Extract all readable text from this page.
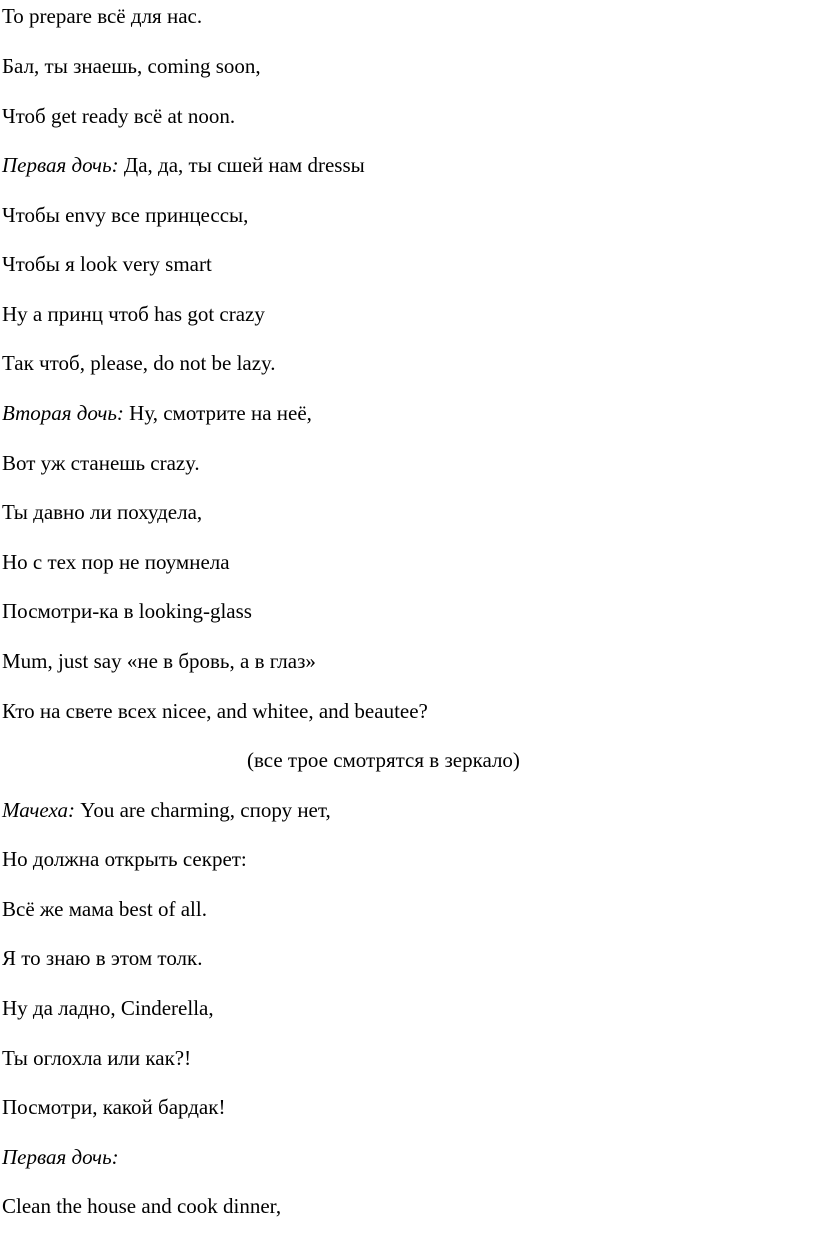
То prepare всё для нас.
Бал, ты знаешь, coming soon,
Чтоб get ready всё at noon.
Первая дочь: Да, да, ты сшей нам dressы
Чтобы envy все принцессы,
Чтобы я look very smart
Ну а принц чтоб has got crazy
Так чтоб, please, do not be lazy.
Вторая дочь: Ну, смотрите на неё,
Вот уж станешь crazy.
Ты давно ли похудела,
Но с тех пор не поумнела
Посмотри-ка в looking-glass
Mum, just say «не в бровь, а в глаз»
Кто на свете всех nicee, and whitee, and beautee?
(все трое смотрятся в зеркало)
Мачеха: You are charming, спору нет,
Но должна открыть секрет:
Всё же мама best of all.
Я то знаю в этом толк.
Ну да ладно, Cinderella,
Ты оглохла или как?!
Посмотри, какой бардак!
Первая дочь:
Clean the house and cook dinner,
